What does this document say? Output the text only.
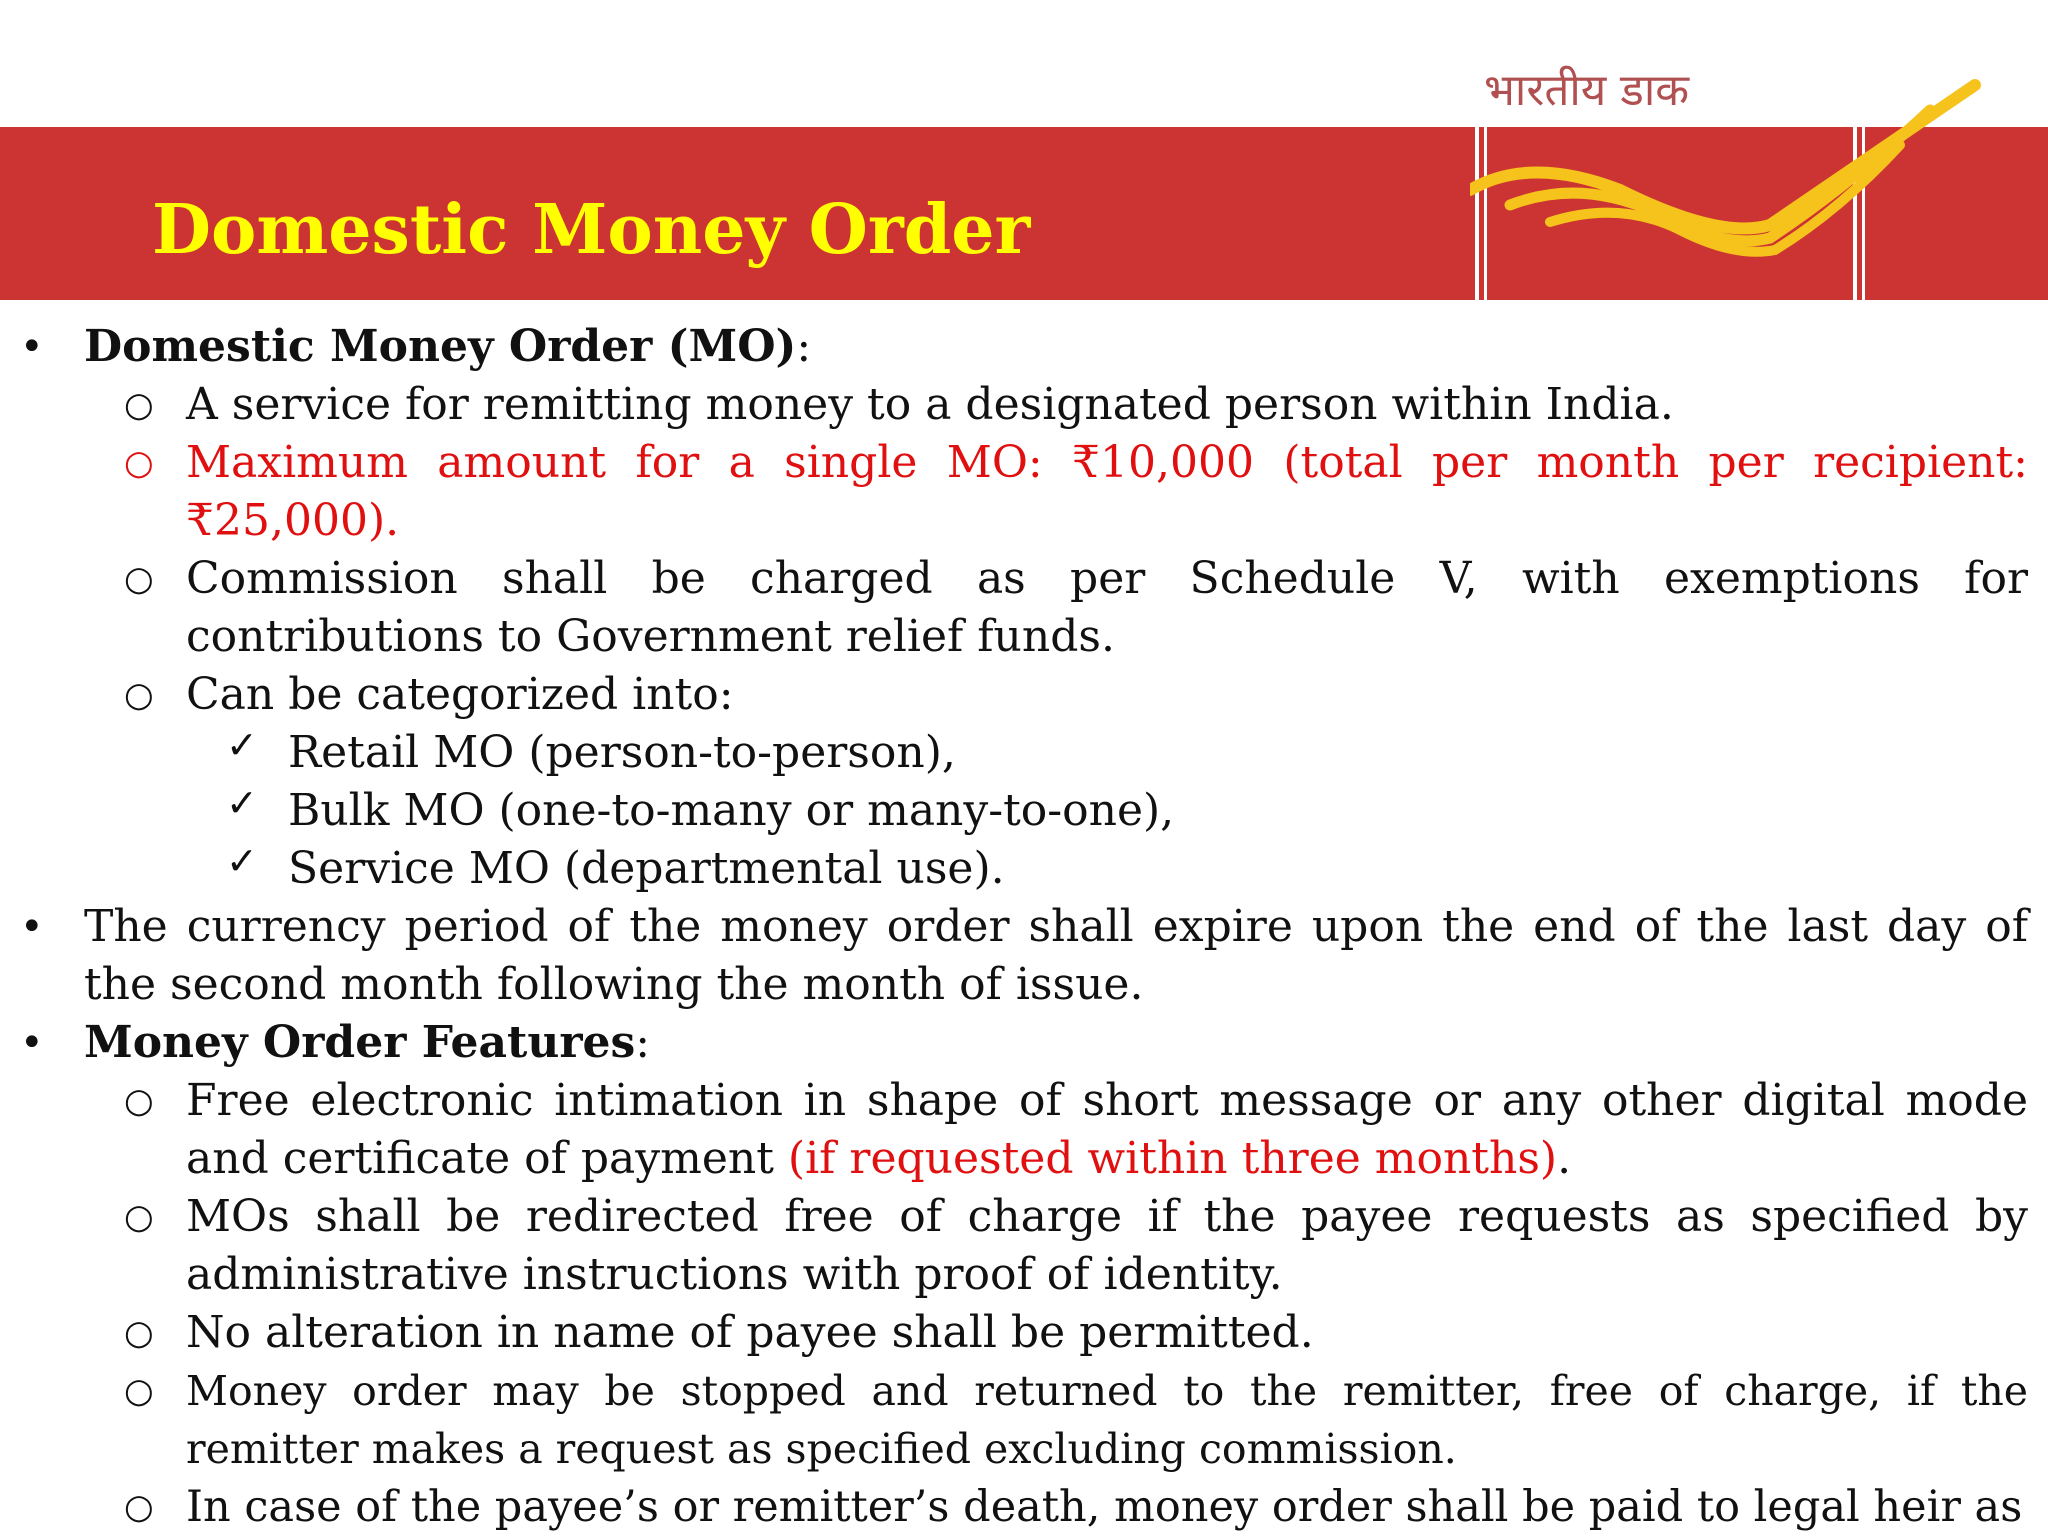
Domestic Money Order
भारतीय डाक
• Domestic Money Order (MO):
○ A service for remitting money to a designated person within India.
○ Maximum amount for a single MO: ₹10,000 (total per month per recipient: ₹25,000).
○ Commission shall be charged as per Schedule V, with exemptions for contributions to Government relief funds.
○ Can be categorized into:
✓ Retail MO (person-to-person),
✓ Bulk MO (one-to-many or many-to-one),
✓ Service MO (departmental use).
• The currency period of the money order shall expire upon the end of the last day of the second month following the month of issue.
• Money Order Features:
○ Free electronic intimation in shape of short message or any other digital mode and certificate of payment (if requested within three months).
○ MOs shall be redirected free of charge if the payee requests as specified by administrative instructions with proof of identity.
○ No alteration in name of payee shall be permitted.
○ Money order may be stopped and returned to the remitter, free of charge, if the remitter makes a request as specified excluding commission.
○ In case of the payee’s or remitter’s death, money order shall be paid to legal heir as
